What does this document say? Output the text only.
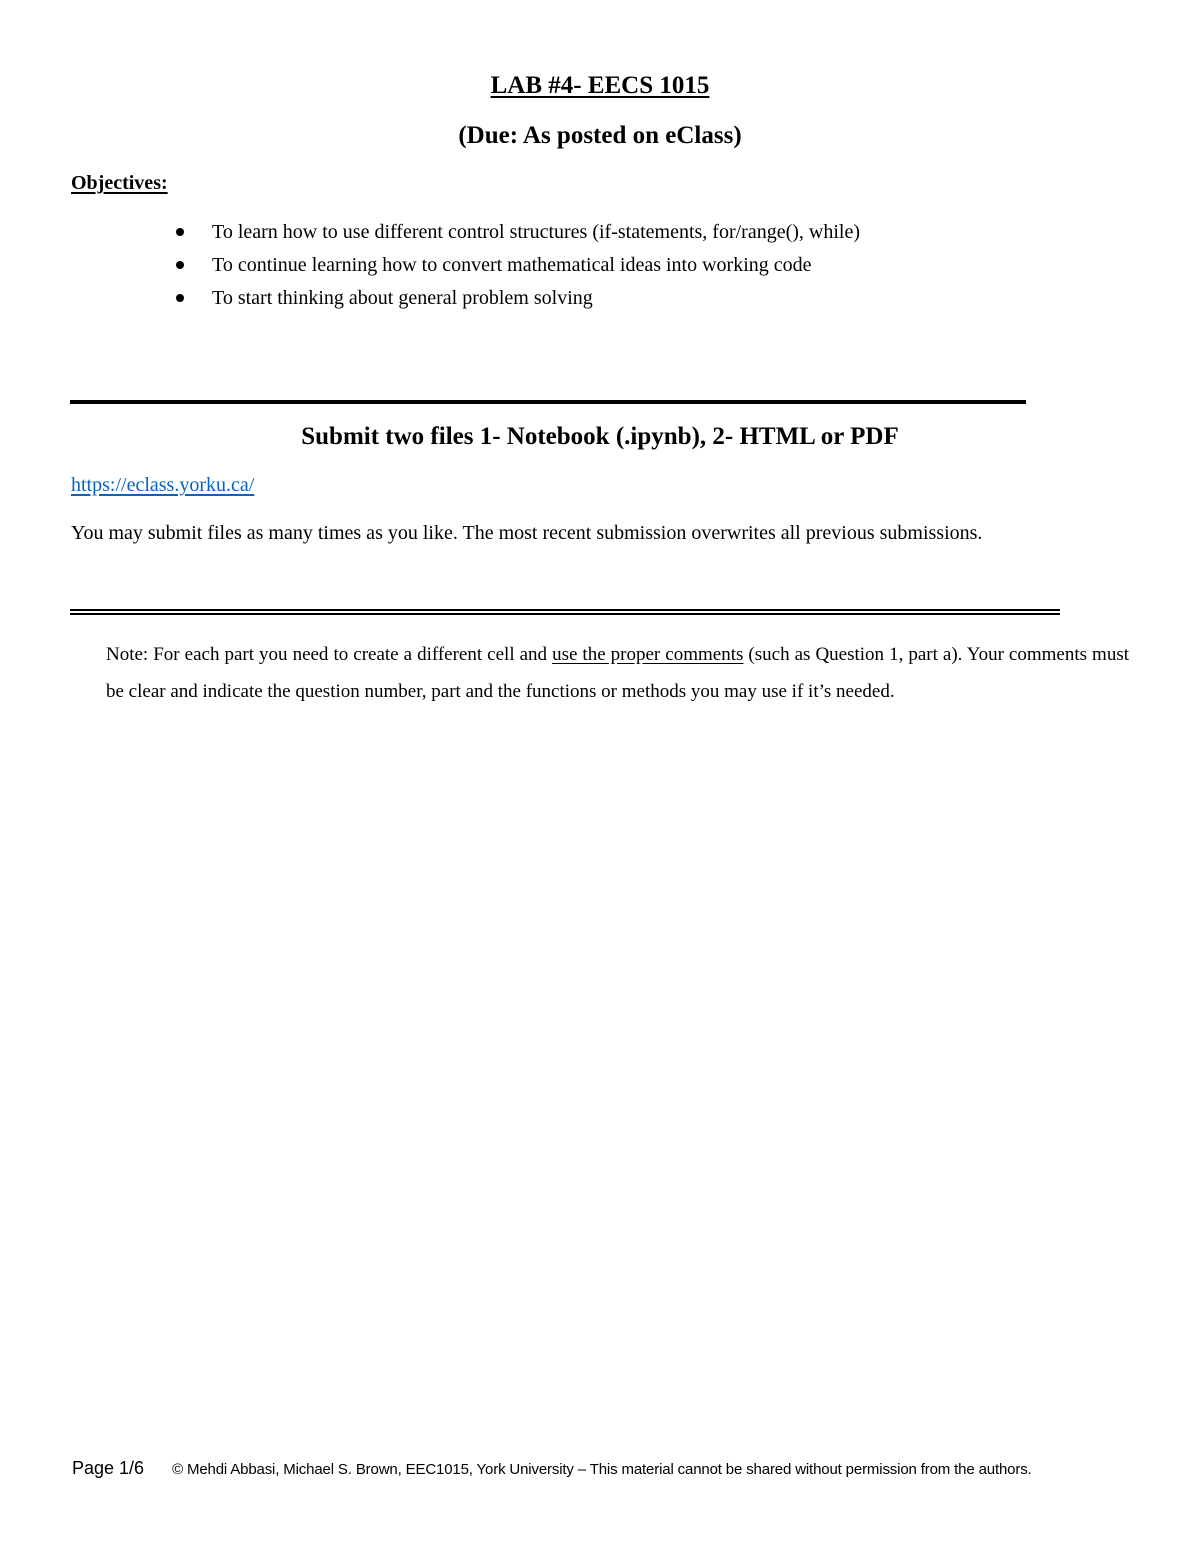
LAB #4- EECS 1015
(Due: As posted on eClass)
Objectives:
To learn how to use different control structures (if-statements, for/range(), while)
To continue learning how to convert mathematical ideas into working code
To start thinking about general problem solving
Submit two files 1- Notebook (.ipynb), 2- HTML or PDF
https://eclass.yorku.ca/
You may submit files as many times as you like. The most recent submission overwrites all previous submissions.
Note: For each part you need to create a different cell and use the proper comments (such as Question 1, part a). Your comments must be clear and indicate the question number, part and the functions or methods you may use if it’s needed.
Page 1/6 © Mehdi Abbasi, Michael S. Brown, EEC1015, York University – This material cannot be shared without permission from the authors.
